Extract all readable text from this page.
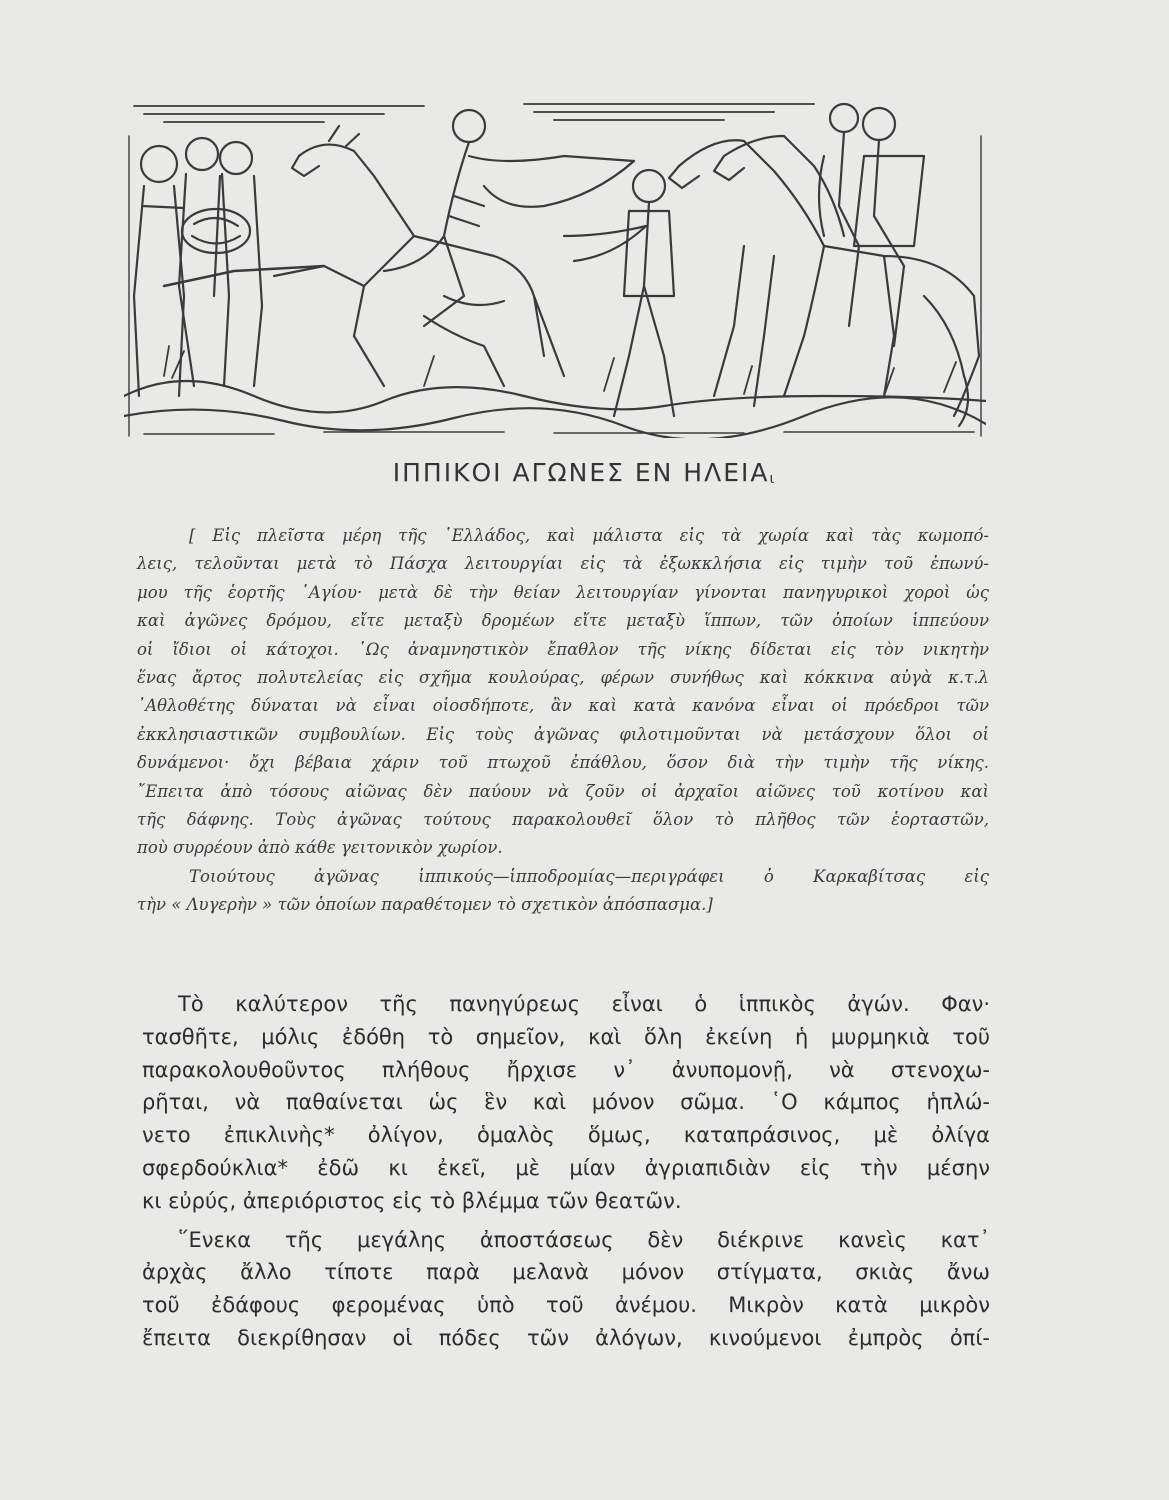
ΙΠΠΙΚΟΙ ΑΓΩΝΕΣ ΕΝ ΗΛΕΙΑι
[ Εἰς πλεῖστα μέρη τῆς ῾Ελλάδος, καὶ μάλιστα εἰς τὰ χωρία καὶ τὰς κωμοπό-
λεις, τελοῦνται μετὰ τὸ Πάσχα λειτουργίαι εἰς τὰ ἐξωκκλήσια εἰς τιμὴν τοῦ ἐπωνύ-
μου τῆς ἑορτῆς ῾Αγίου· μετὰ δὲ τὴν θείαν λειτουργίαν γίνονται πανηγυρικοὶ χοροὶ ὡς
καὶ ἀγῶνες δρόμου, εἴτε μεταξὺ δρομέων εἴτε μεταξὺ ἵππων, τῶν ὁποίων ἱππεύουν
οἱ ἴδιοι οἱ κάτοχοι. ῾Ως ἀναμνηστικὸν ἔπαθλον τῆς νίκης δίδεται εἰς τὸν νικητὴν
ἕνας ἄρτος πολυτελείας εἰς σχῆμα κουλούρας, φέρων συνήθως καὶ κόκκινα αὐγὰ κ.τ.λ
᾿Αθλοθέτης δύναται νὰ εἶναι οἱοσδήποτε, ἂν καὶ κατὰ κανόνα εἶναι οἱ πρόεδροι τῶν
ἐκκλησιαστικῶν συμβουλίων. Εἰς τοὺς ἀγῶνας φιλοτιμοῦνται νὰ μετάσχουν ὅλοι οἱ
δυνάμενοι· ὄχι βέβαια χάριν τοῦ πτωχοῦ ἐπάθλου, ὅσον διὰ τὴν τιμὴν τῆς νίκης.
῎Επειτα ἀπὸ τόσους αἰῶνας δὲν παύουν νὰ ζοῦν οἱ ἀρχαῖοι αἰῶνες τοῦ κοτίνου καὶ
τῆς δάφνης. Τοὺς ἀγῶνας τούτους παρακολουθεῖ ὅλον τὸ πλῆθος τῶν ἑορταστῶν,
ποὺ συρρέουν ἀπὸ κάθε γειτονικὸν χωρίον.
Τοιούτους ἀγῶνας ἱππικούς—ἱπποδρομίας—περιγράφει ὁ Καρκαβίτσας εἰς
τὴν « Λυγερὴν » τῶν ὁποίων παραθέτομεν τὸ σχετικὸν ἀπόσπασμα.]
Τὸ καλύτερον τῆς πανηγύρεως εἶναι ὁ ἱππικὸς ἀγών. Φαν·
τασθῆτε, μόλις ἐδόθη τὸ σημεῖον, καὶ ὅλη ἐκείνη ἡ μυρμηκιὰ τοῦ
παρακολουθοῦντος πλήθους ἤρχισε ν᾿ ἀνυπομονῇ, νὰ στενοχω-
ρῆται, νὰ παθαίνεται ὡς ἓν καὶ μόνον σῶμα. ῾Ο κάμπος ἡπλώ-
νετο ἐπικλινὴς* ὀλίγον, ὁμαλὸς ὅμως, καταπράσινος, μὲ ὀλίγα
σφερδούκλια* ἐδῶ κι ἐκεῖ, μὲ μίαν ἀγριαπιδιὰν εἰς τὴν μέσην
κι εὐρύς, ἀπεριόριστος εἰς τὸ βλέμμα τῶν θεατῶν.
῞Ενεκα τῆς μεγάλης ἀποστάσεως δὲν διέκρινε κανεὶς κατ᾿
ἀρχὰς ἄλλο τίποτε παρὰ μελανὰ μόνον στίγματα, σκιὰς ἄνω
τοῦ ἐδάφους φερομένας ὑπὸ τοῦ ἀνέμου. Μικρὸν κατὰ μικρὸν
ἔπειτα διεκρίθησαν οἱ πόδες τῶν ἀλόγων, κινούμενοι ἐμπρὸς ὀπί-
